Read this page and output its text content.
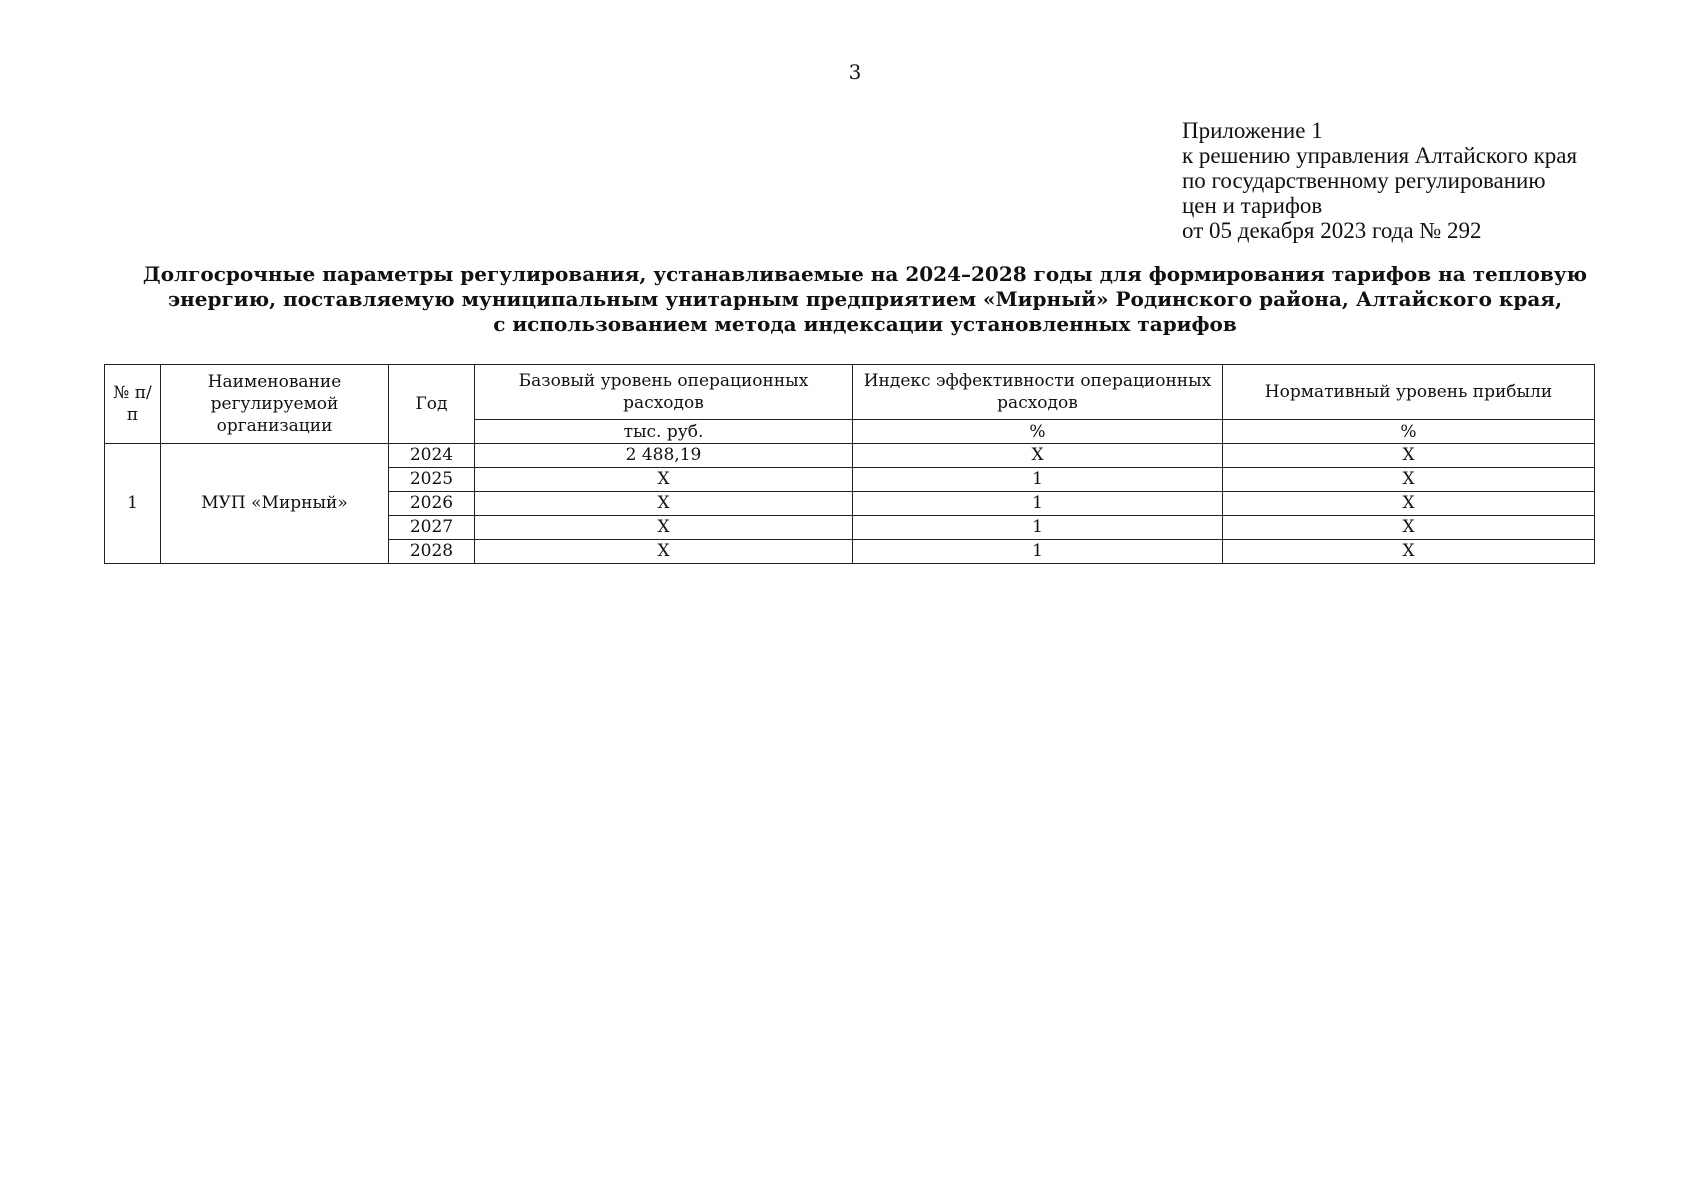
3
Приложение 1
к решению управления Алтайского края
по государственному регулированию
цен и тарифов
от 05 декабря 2023 года № 292
Долгосрочные параметры регулирования, устанавливаемые на 2024–2028 годы для формирования тарифов на тепловую
энергию, поставляемую муниципальным унитарным предприятием «Мирный» Родинского района, Алтайского края,
с использованием метода индексации установленных тарифов
№ п/п	Наименование регулируемой организации	Год	Базовый уровень операционных расходов	Индекс эффективности операционных расходов	Нормативный уровень прибыли
			тыс. руб.	%	%
1	МУП «Мирный»	2024	2 488,19	X	X
		2025	X	1	X
		2026	X	1	X
		2027	X	1	X
		2028	X	1	X
